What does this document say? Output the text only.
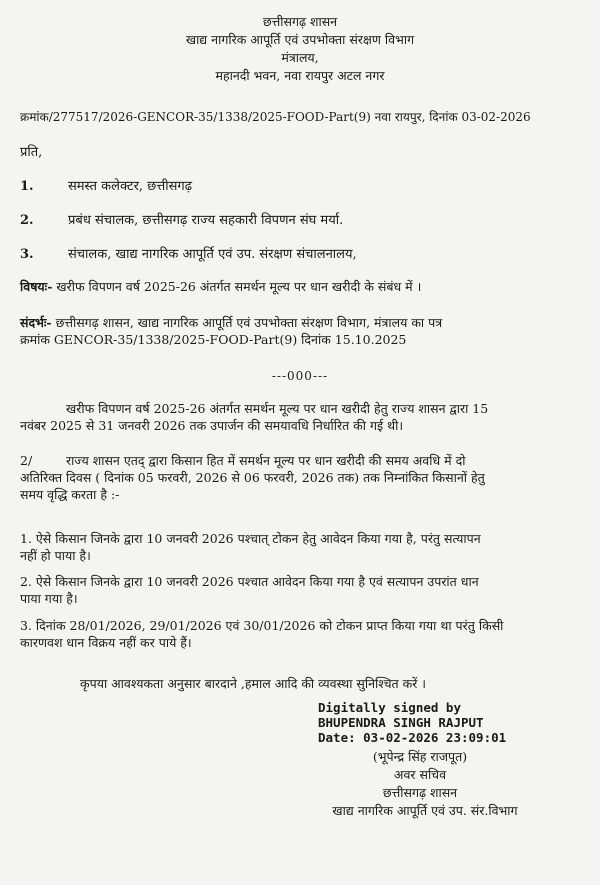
छत्तीसगढ़ शासन
खाद्य नागरिक आपूर्ति एवं उपभोक्ता संरक्षण विभाग
मंत्रालय,
महानदी भवन, नवा रायपुर अटल नगर
क्रमांक/277517/2026-GENCOR-35/1338/2025-FOOD-Part(9) नवा रायपुर, दिनांक 03-02-2026
प्रति,
1.	समस्त कलेक्टर, छत्तीसगढ़
2.	प्रबंध संचालक, छत्तीसगढ़ राज्य सहकारी विपणन संघ मर्या.
3.	संचालक, खाद्य नागरिक आपूर्ति एवं उप. संरक्षण संचालनालय,
विषयः- खरीफ विपणन वर्ष 2025-26 अंतर्गत समर्थन मूल्य पर धान खरीदी के संबंध में ।
संदर्भः- छत्तीसगढ़ शासन, खाद्य नागरिक आपूर्ति एवं उपभोक्ता संरक्षण विभाग, मंत्रालय का पत्र
क्रमांक GENCOR-35/1338/2025-FOOD-Part(9) दिनांक 15.10.2025
---000---
खरीफ विपणन वर्ष 2025-26 अंतर्गत समर्थन मूल्य पर धान खरीदी हेतु राज्य शासन द्वारा 15
नवंबर 2025 से 31 जनवरी 2026 तक उपार्जन की समयावधि निर्धारित की गई थी।
2/	राज्य शासन एतद् द्वारा किसान हित में समर्थन मूल्य पर धान खरीदी की समय अवधि में दो
अतिरिक्त दिवस ( दिनांक 05 फरवरी, 2026 से 06 फरवरी, 2026 तक) तक निम्नांकित किसानों हेतु
समय वृद्धि करता है :-
1. ऐसे किसान जिनके द्वारा 10 जनवरी 2026 पश्चात् टोकन हेतु आवेदन किया गया है, परंतु सत्यापन
नहीं हो पाया है।
2. ऐसे किसान जिनके द्वारा 10 जनवरी 2026 पश्चात आवेदन किया गया है एवं सत्यापन उपरांत धान
पाया गया है।
3. दिनांक 28/01/2026, 29/01/2026 एवं 30/01/2026 को टोकन प्राप्त किया गया था परंतु किसी
कारणवश धान विक्रय नहीं कर पाये हैं।
कृपया आवश्यकता अनुसार बारदाने ,हमाल आदि की व्यवस्था सुनिश्चित करें ।
Digitally signed by
BHUPENDRA SINGH RAJPUT
Date: 03-02-2026 23:09:01
(भूपेन्द्र सिंह राजपूत)
अवर सचिव
छत्तीसगढ़ शासन
खाद्य नागरिक आपूर्ति एवं उप. संर.विभाग
